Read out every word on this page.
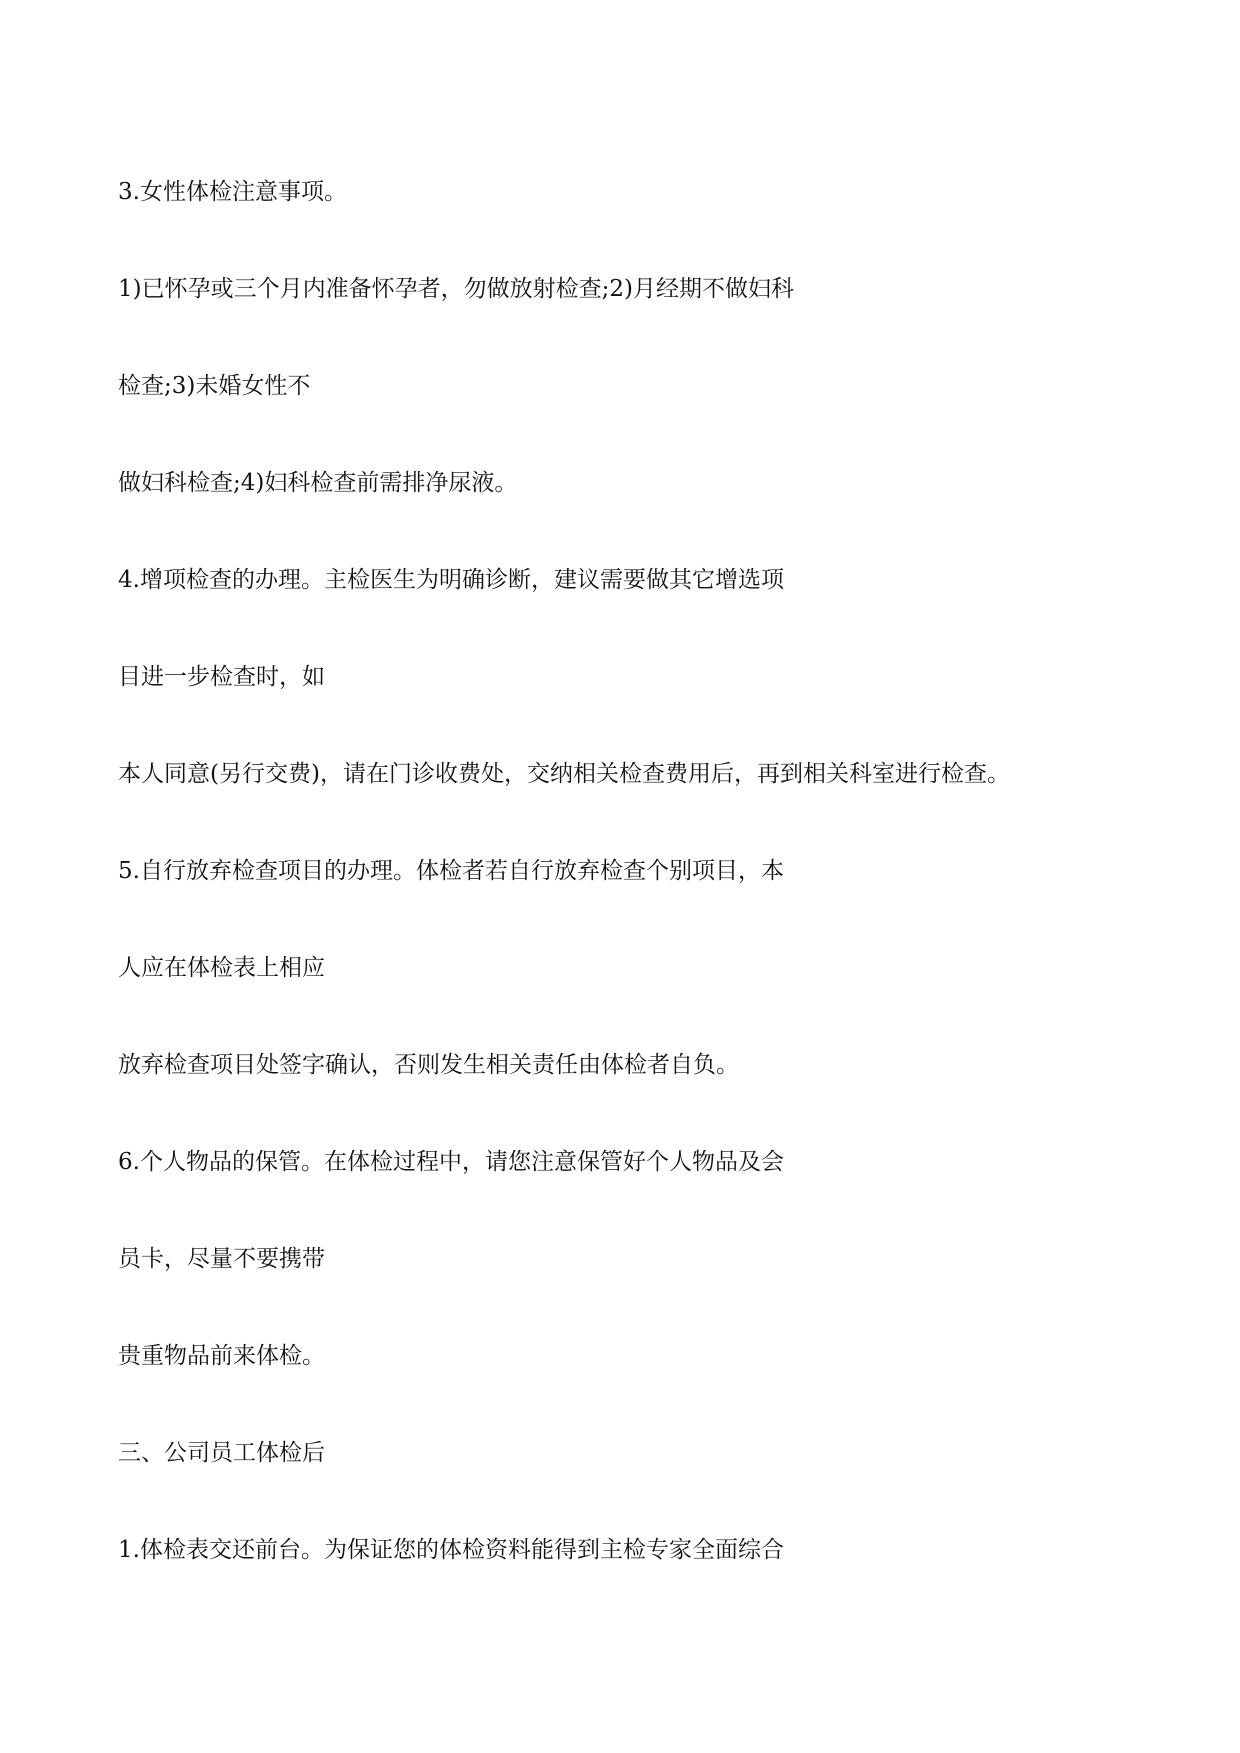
3.女性体检注意事项。

1)已怀孕或三个月内准备怀孕者，勿做放射检查;2)月经期不做妇科

检查;3)未婚女性不

做妇科检查;4)妇科检查前需排净尿液。

4.增项检查的办理。主检医生为明确诊断，建议需要做其它增选项

目进一步检查时，如

本人同意(另行交费)，请在门诊收费处，交纳相关检查费用后，再到相关科室进行检查。

5.自行放弃检查项目的办理。体检者若自行放弃检查个别项目，本

人应在体检表上相应

放弃检查项目处签字确认，否则发生相关责任由体检者自负。

6.个人物品的保管。在体检过程中，请您注意保管好个人物品及会

员卡，尽量不要携带

贵重物品前来体检。

三、公司员工体检后

1.体检表交还前台。为保证您的体检资料能得到主检专家全面综合
